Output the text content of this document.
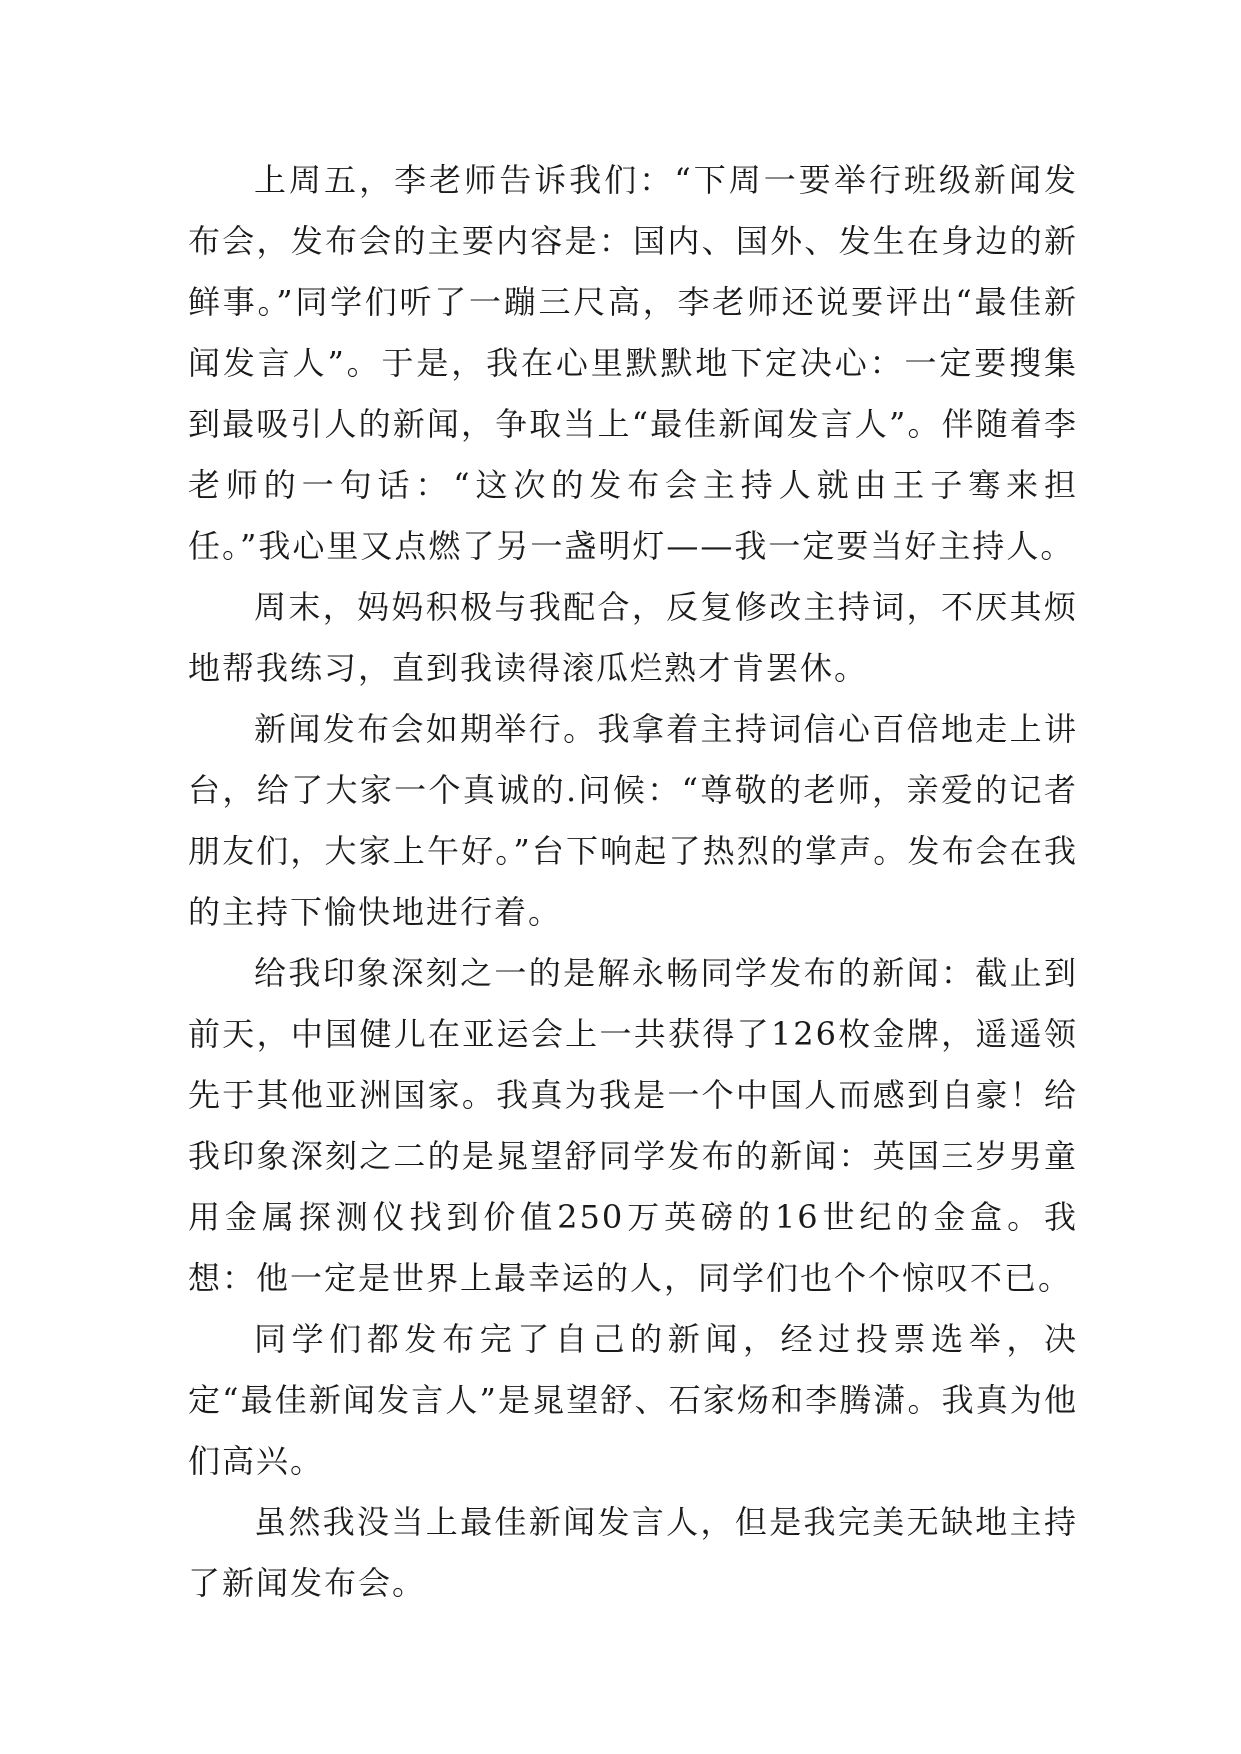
上周五，李老师告诉我们：“下周一要举行班级新闻发布会，发布会的主要内容是：国内、国外、发生在身边的新鲜事。”同学们听了一蹦三尺高，李老师还说要评出“最佳新闻发言人”。于是，我在心里默默地下定决心：一定要搜集到最吸引人的新闻，争取当上“最佳新闻发言人”。伴随着李老师的一句话：“这次的发布会主持人就由王子骞来担任。”我心里又点燃了另一盏明灯——我一定要当好主持人。

周末，妈妈积极与我配合，反复修改主持词，不厌其烦地帮我练习，直到我读得滚瓜烂熟才肯罢休。

新闻发布会如期举行。我拿着主持词信心百倍地走上讲台，给了大家一个真诚的.问候：“尊敬的老师，亲爱的记者朋友们，大家上午好。”台下响起了热烈的掌声。发布会在我的主持下愉快地进行着。

给我印象深刻之一的是解永畅同学发布的新闻：截止到前天，中国健儿在亚运会上一共获得了126枚金牌，遥遥领先于其他亚洲国家。我真为我是一个中国人而感到自豪！给我印象深刻之二的是晁望舒同学发布的新闻：英国三岁男童用金属探测仪找到价值250万英磅的16世纪的金盒。我想：他一定是世界上最幸运的人，同学们也个个惊叹不已。

同学们都发布完了自己的新闻，经过投票选举，决定“最佳新闻发言人”是晁望舒、石家炀和李腾潇。我真为他们高兴。

虽然我没当上最佳新闻发言人，但是我完美无缺地主持了新闻发布会。
